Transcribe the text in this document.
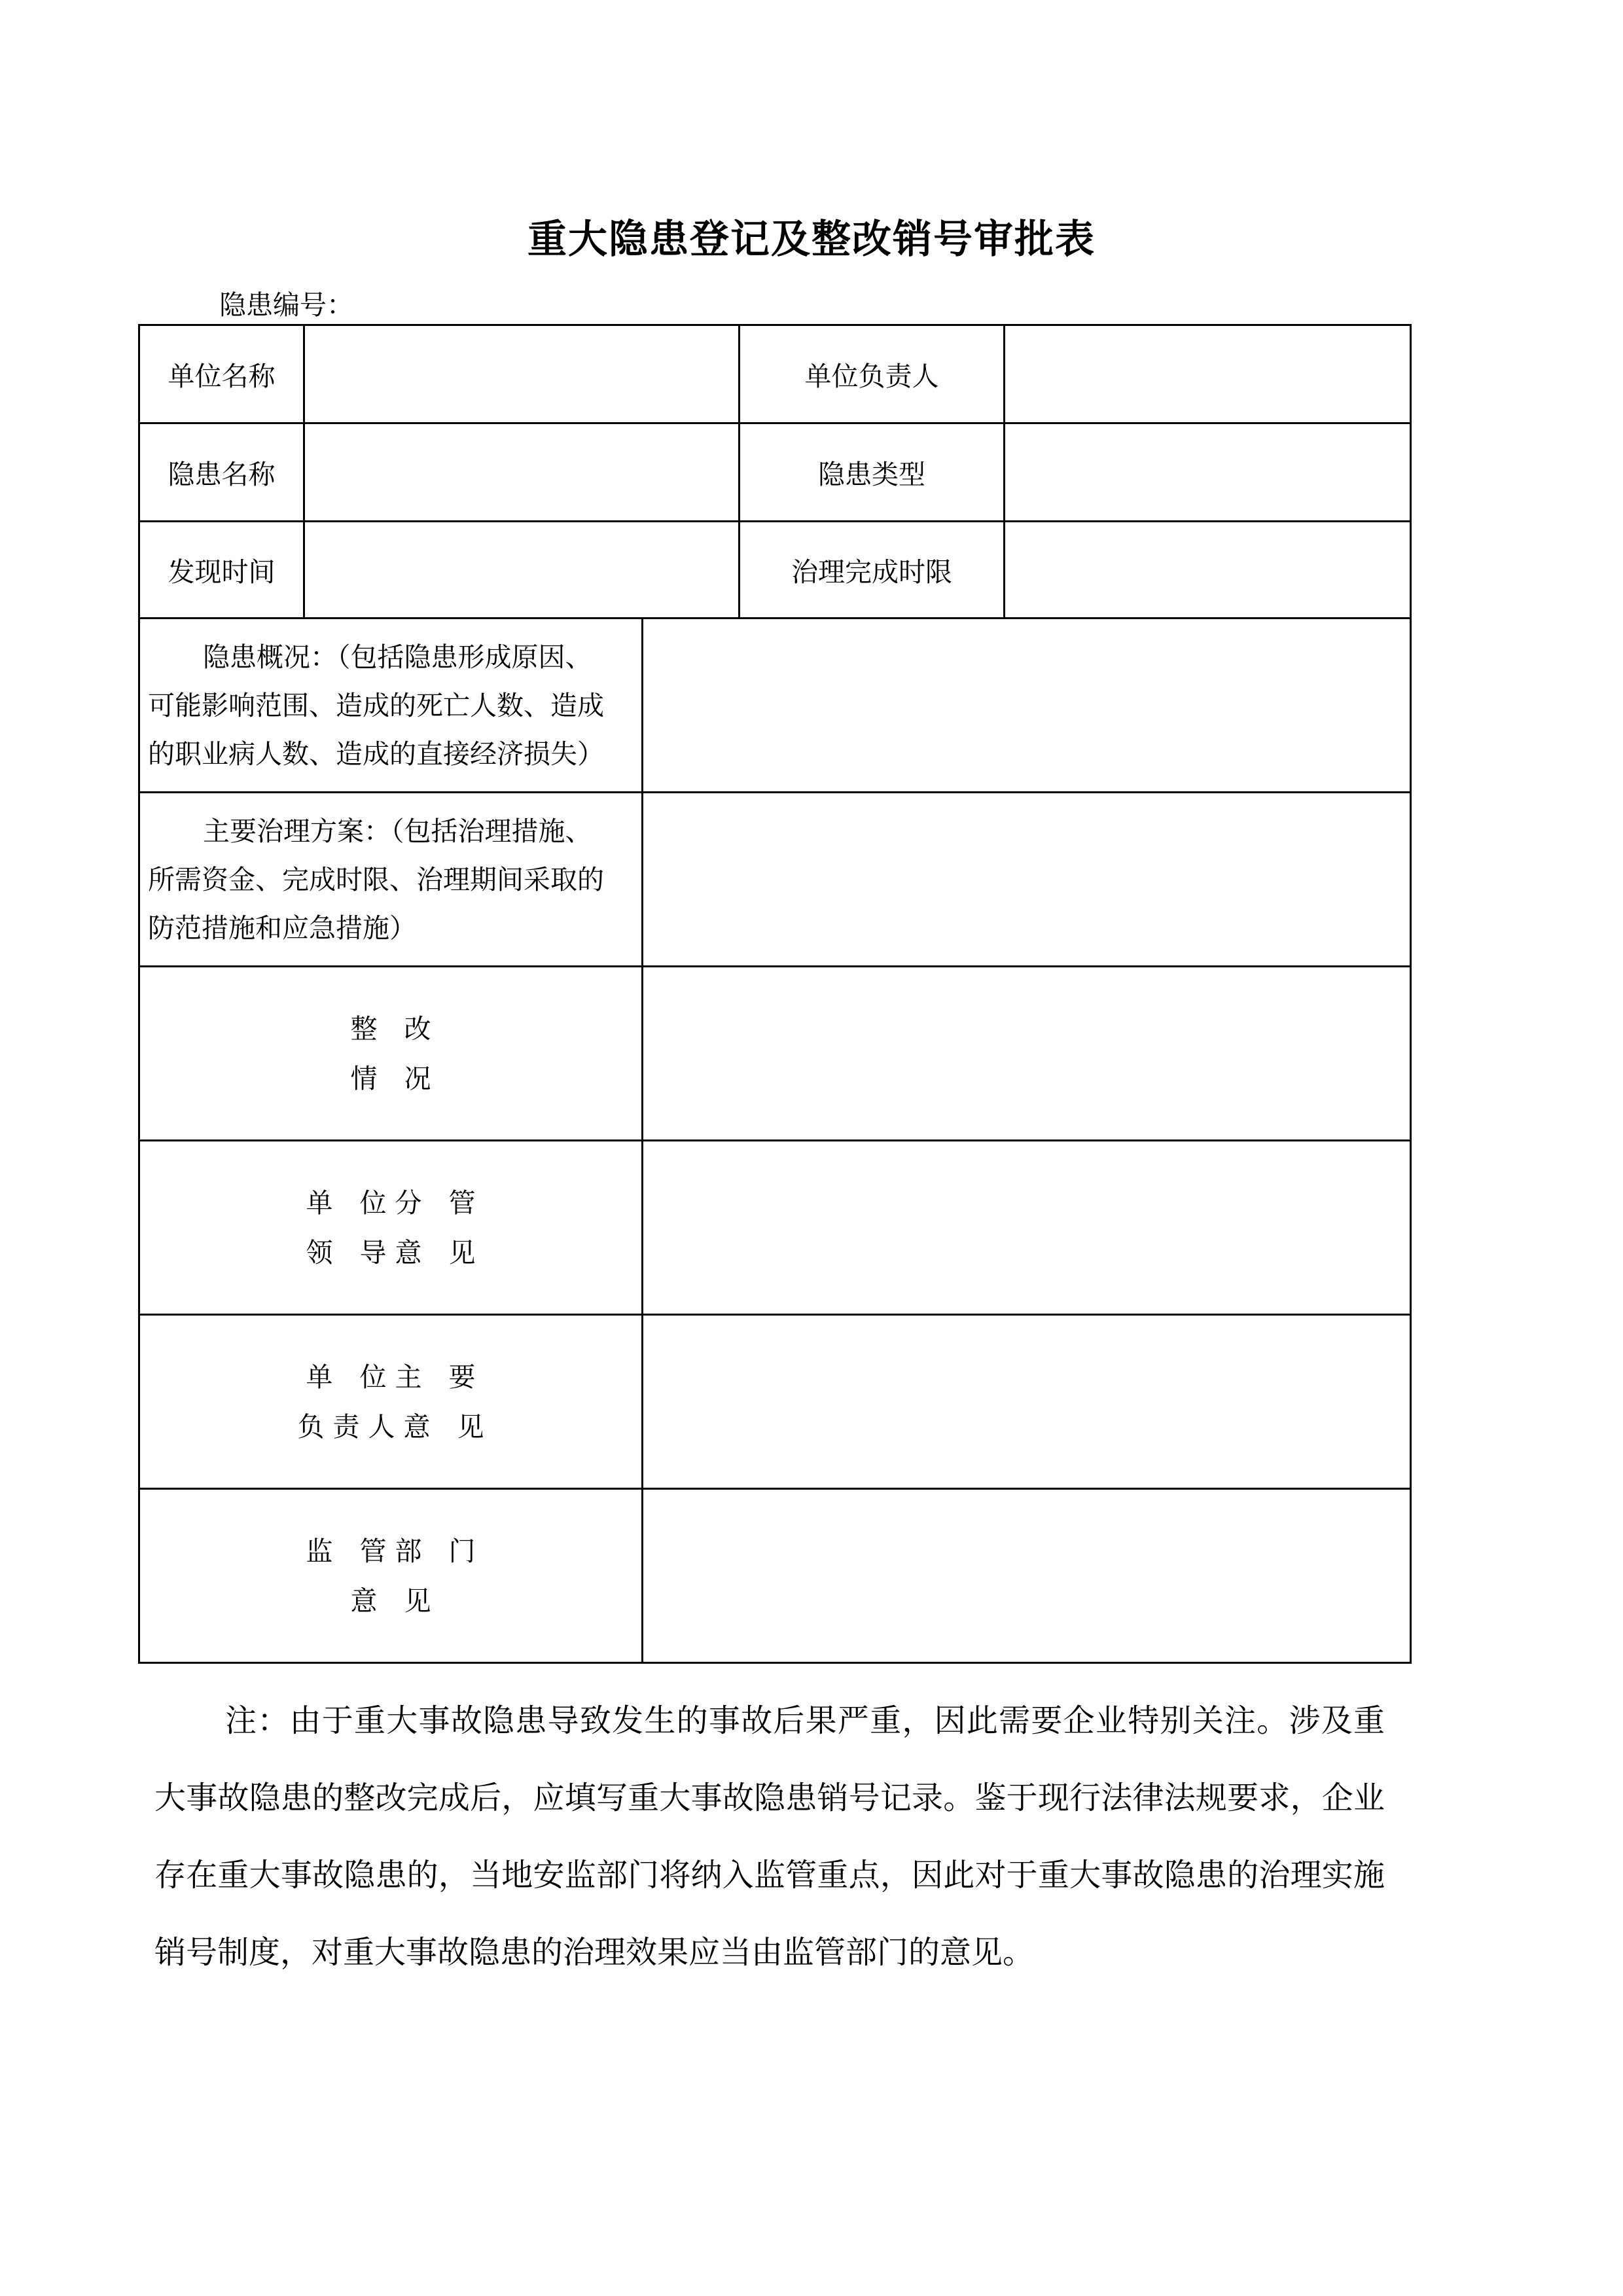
重大隐患登记及整改销号审批表
隐患编号：
单位名称			单位负责人	
隐患名称			隐患类型	
发现时间			治理完成时限	

隐患概况：（包括隐患形成原因、
可能影响范围、造成的死亡人数、造成
的职业病人数、造成的直接经济损失）				

主要治理方案：（包括治理措施、
所需资金、完成时限、治理期间采取的
防范措施和应急措施）				

整　改
情　况				

单　位 分　管
领　导 意　见				

单　位 主　要
负 责 人 意　见				

监　管 部　门
意　见				

注：由于重大事故隐患导致发生的事故后果严重，因此需要企业特别关注。涉及重大事故隐患的整改完成后，应填写重大事故隐患销号记录。鉴于现行法律法规要求，企业存在重大事故隐患的，当地安监部门将纳入监管重点，因此对于重大事故隐患的治理实施销号制度，对重大事故隐患的治理效果应当由监管部门的意见。
